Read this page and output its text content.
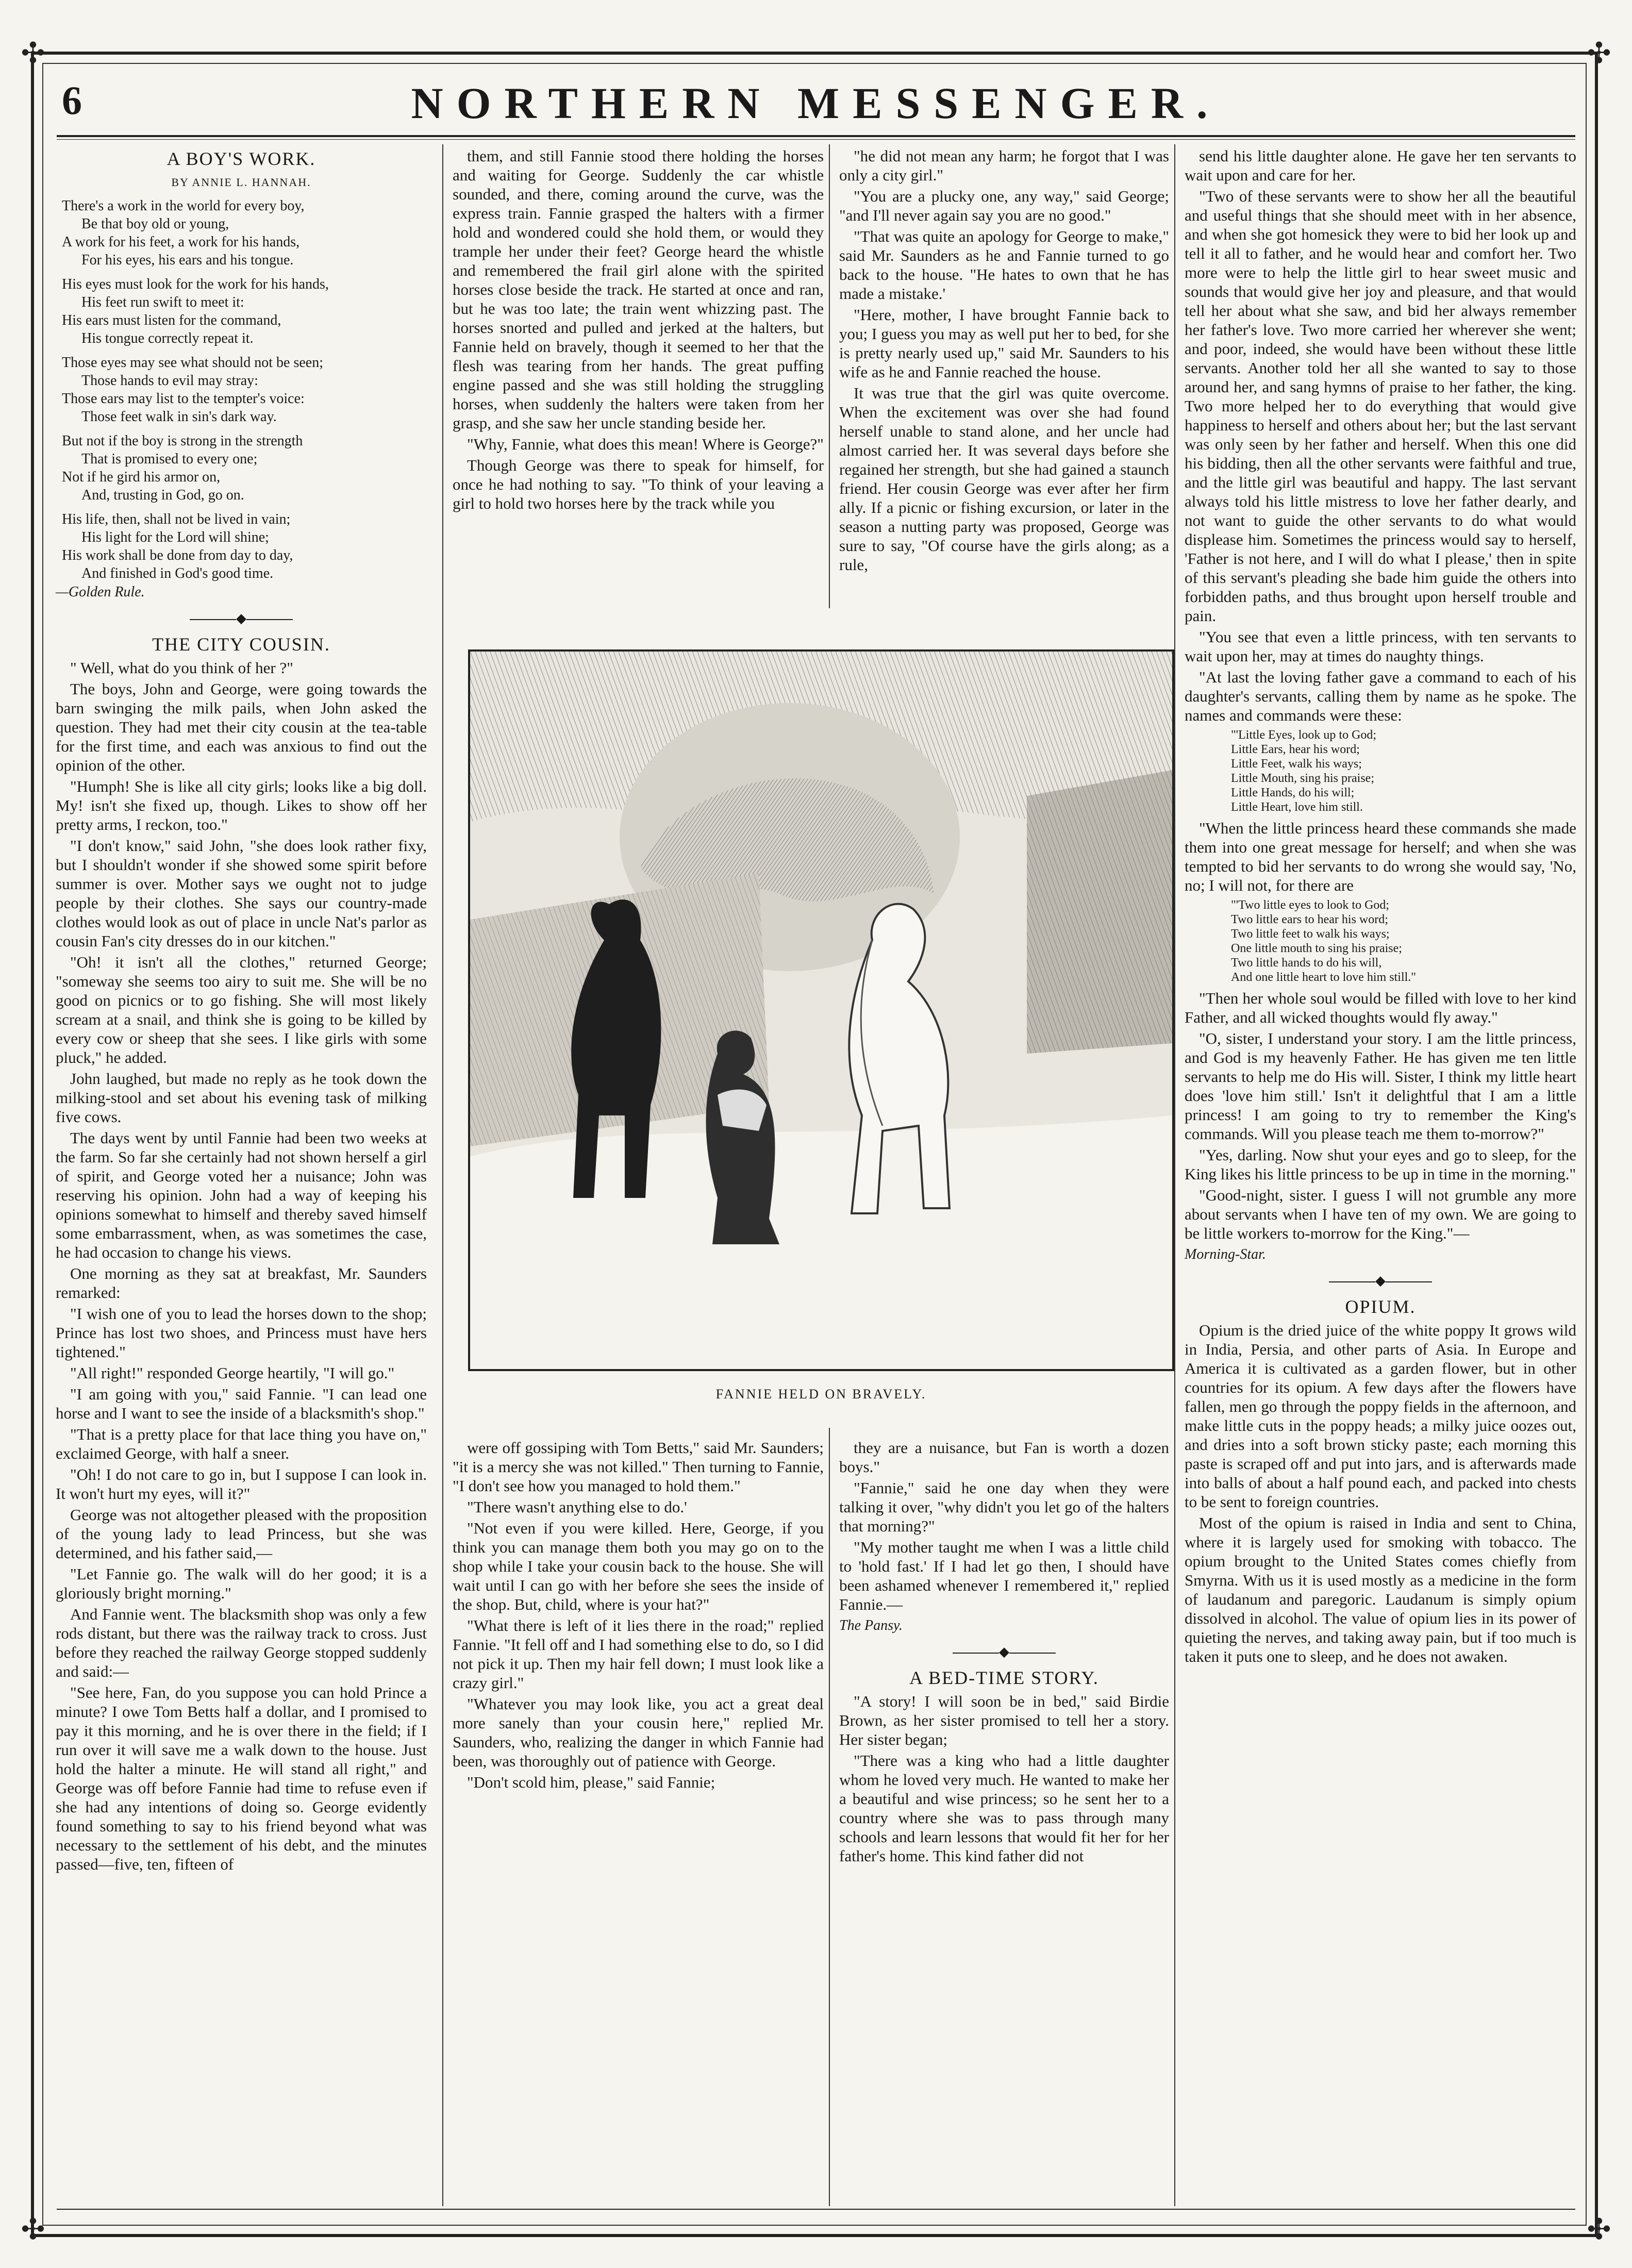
✣	✣
✣	✣
6	NORTHERN MESSENGER.
A BOY'S WORK.
BY ANNIE L. HANNAH.
There's a work in the world for every boy,
Be that boy old or young,
A work for his feet, a work for his hands,
For his eyes, his ears and his tongue.
His eyes must look for the work for his hands,
His feet run swift to meet it:
His ears must listen for the command,
His tongue correctly repeat it.
Those eyes may see what should not be seen;
Those hands to evil may stray:
Those ears may list to the tempter's voice:
Those feet walk in sin's dark way.
But not if the boy is strong in the strength
That is promised to every one;
Not if he gird his armor on,
And, trusting in God, go on.
His life, then, shall not be lived in vain;
His light for the Lord will shine;
His work shall be done from day to day,
And finished in God's good time.
—Golden Rule.
◆
THE CITY COUSIN.

" Well, what do you think of her ?"

The boys, John and George, were going towards the barn swinging the milk pails, when John asked the question. They had met their city cousin at the tea-table for the first time, and each was anxious to find out the opinion of the other.

"Humph! She is like all city girls; looks like a big doll. My! isn't she fixed up, though. Likes to show off her pretty arms, I reckon, too."

"I don't know," said John, "she does look rather fixy, but I shouldn't wonder if she showed some spirit before summer is over. Mother says we ought not to judge people by their clothes. She says our country-made clothes would look as out of place in uncle Nat's parlor as cousin Fan's city dresses do in our kitchen."

"Oh! it isn't all the clothes," returned George; "someway she seems too airy to suit me. She will be no good on picnics or to go fishing. She will most likely scream at a snail, and think she is going to be killed by every cow or sheep that she sees. I like girls with some pluck," he added.

John laughed, but made no reply as he took down the milking-stool and set about his evening task of milking five cows.

The days went by until Fannie had been two weeks at the farm. So far she certainly had not shown herself a girl of spirit, and George voted her a nuisance; John was reserving his opinion. John had a way of keeping his opinions somewhat to himself and thereby saved himself some embarrassment, when, as was sometimes the case, he had occasion to change his views.

One morning as they sat at breakfast, Mr. Saunders remarked:

"I wish one of you to lead the horses down to the shop; Prince has lost two shoes, and Princess must have hers tightened."

"All right!" responded George heartily, "I will go."

"I am going with you," said Fannie. "I can lead one horse and I want to see the inside of a blacksmith's shop."

"That is a pretty place for that lace thing you have on," exclaimed George, with half a sneer.

"Oh! I do not care to go in, but I suppose I can look in. It won't hurt my eyes, will it?"

George was not altogether pleased with the proposition of the young lady to lead Princess, but she was determined, and his father said,—

"Let Fannie go. The walk will do her good; it is a gloriously bright morning."

And Fannie went. The blacksmith shop was only a few rods distant, but there was the railway track to cross. Just before they reached the railway George stopped suddenly and said:—

"See here, Fan, do you suppose you can hold Prince a minute? I owe Tom Betts half a dollar, and I promised to pay it this morning, and he is over there in the field; if I run over it will save me a walk down to the house. Just hold the halter a minute. He will stand all right," and George was off before Fannie had time to refuse even if she had any intentions of doing so. George evidently found something to say to his friend beyond what was necessary to the settlement of his debt, and the minutes passed—five, ten, fifteen of

them, and still Fannie stood there holding the horses and waiting for George. Suddenly the car whistle sounded, and there, coming around the curve, was the express train. Fannie grasped the halters with a firmer hold and wondered could she hold them, or would they trample her under their feet? George heard the whistle and remembered the frail girl alone with the spirited horses close beside the track. He started at once and ran, but he was too late; the train went whizzing past. The horses snorted and pulled and jerked at the halters, but Fannie held on bravely, though it seemed to her that the flesh was tearing from her hands. The great puffing engine passed and she was still holding the struggling horses, when suddenly the halters were taken from her grasp, and she saw her uncle standing beside her.

"Why, Fannie, what does this mean! Where is George?"

Though George was there to speak for himself, for once he had nothing to say. "To think of your leaving a girl to hold two horses here by the track while you

"he did not mean any harm; he forgot that I was only a city girl."

"You are a plucky one, any way," said George; "and I'll never again say you are no good."

"That was quite an apology for George to make," said Mr. Saunders as he and Fannie turned to go back to the house. "He hates to own that he has made a mistake.'

"Here, mother, I have brought Fannie back to you; I guess you may as well put her to bed, for she is pretty nearly used up," said Mr. Saunders to his wife as he and Fannie reached the house.

It was true that the girl was quite overcome. When the excitement was over she had found herself unable to stand alone, and her uncle had almost carried her. It was several days before she regained her strength, but she had gained a staunch friend. Her cousin George was ever after her firm ally. If a picnic or fishing excursion, or later in the season a nutting party was proposed, George was sure to say, "Of course have the girls along; as a rule,

FANNIE HELD ON BRAVELY.

were off gossiping with Tom Betts," said Mr. Saunders; "it is a mercy she was not killed." Then turning to Fannie, "I don't see how you managed to hold them."

"There wasn't anything else to do.'

"Not even if you were killed. Here, George, if you think you can manage them both you may go on to the shop while I take your cousin back to the house. She will wait until I can go with her before she sees the inside of the shop. But, child, where is your hat?"

"What there is left of it lies there in the road;" replied Fannie. "It fell off and I had something else to do, so I did not pick it up. Then my hair fell down; I must look like a crazy girl."

"Whatever you may look like, you act a great deal more sanely than your cousin here," replied Mr. Saunders, who, realizing the danger in which Fannie had been, was thoroughly out of patience with George.

"Don't scold him, please," said Fannie;

they are a nuisance, but Fan is worth a dozen boys."

"Fannie," said he one day when they were talking it over, "why didn't you let go of the halters that morning?"

"My mother taught me when I was a little child to 'hold fast.' If I had let go then, I should have been ashamed whenever I remembered it," replied Fannie.—

The Pansy.
◆
A BED-TIME STORY.

"A story! I will soon be in bed," said Birdie Brown, as her sister promised to tell her a story. Her sister began;

"There was a king who had a little daughter whom he loved very much. He wanted to make her a beautiful and wise princess; so he sent her to a country where she was to pass through many schools and learn lessons that would fit her for her father's home. This kind father did not

send his little daughter alone. He gave her ten servants to wait upon and care for her.

"Two of these servants were to show her all the beautiful and useful things that she should meet with in her absence, and when she got homesick they were to bid her look up and tell it all to father, and he would hear and comfort her. Two more were to help the little girl to hear sweet music and sounds that would give her joy and pleasure, and that would tell her about what she saw, and bid her always remember her father's love. Two more carried her wherever she went; and poor, indeed, she would have been without these little servants. Another told her all she wanted to say to those around her, and sang hymns of praise to her father, the king. Two more helped her to do everything that would give happiness to herself and others about her; but the last servant was only seen by her father and herself. When this one did his bidding, then all the other servants were faithful and true, and the little girl was beautiful and happy. The last servant always told his little mistress to love her father dearly, and not want to guide the other servants to do what would displease him. Sometimes the princess would say to herself, 'Father is not here, and I will do what I please,' then in spite of this servant's pleading she bade him guide the others into forbidden paths, and thus brought upon herself trouble and pain.

"You see that even a little princess, with ten servants to wait upon her, may at times do naughty things.

"At last the loving father gave a command to each of his daughter's servants, calling them by name as he spoke. The names and commands were these:

"'Little Eyes, look up to God;
Little Ears, hear his word;
Little Feet, walk his ways;
Little Mouth, sing his praise;
Little Hands, do his will;
Little Heart, love him still.

"When the little princess heard these commands she made them into one great message for herself; and when she was tempted to bid her servants to do wrong she would say, 'No, no; I will not, for there are

"'Two little eyes to look to God;
Two little ears to hear his word;
Two little feet to walk his ways;
One little mouth to sing his praise;
Two little hands to do his will,
And one little heart to love him still."

"Then her whole soul would be filled with love to her kind Father, and all wicked thoughts would fly away."

"O, sister, I understand your story. I am the little princess, and God is my heavenly Father. He has given me ten little servants to help me do His will. Sister, I think my little heart does 'love him still.' Isn't it delightful that I am a little princess! I am going to try to remember the King's commands. Will you please teach me them to-morrow?"

"Yes, darling. Now shut your eyes and go to sleep, for the King likes his little princess to be up in time in the morning."

"Good-night, sister. I guess I will not grumble any more about servants when I have ten of my own. We are going to be little workers to-morrow for the King."—

Morning-Star.
◆
OPIUM.

Opium is the dried juice of the white poppy It grows wild in India, Persia, and other parts of Asia. In Europe and America it is cultivated as a garden flower, but in other countries for its opium. A few days after the flowers have fallen, men go through the poppy fields in the afternoon, and make little cuts in the poppy heads; a milky juice oozes out, and dries into a soft brown sticky paste; each morning this paste is scraped off and put into jars, and is afterwards made into balls of about a half pound each, and packed into chests to be sent to foreign countries.

Most of the opium is raised in India and sent to China, where it is largely used for smoking with tobacco. The opium brought to the United States comes chiefly from Smyrna. With us it is used mostly as a medicine in the form of laudanum and paregoric. Laudanum is simply opium dissolved in alcohol. The value of opium lies in its power of quieting the nerves, and taking away pain, but if too much is taken it puts one to sleep, and he does not awaken.
